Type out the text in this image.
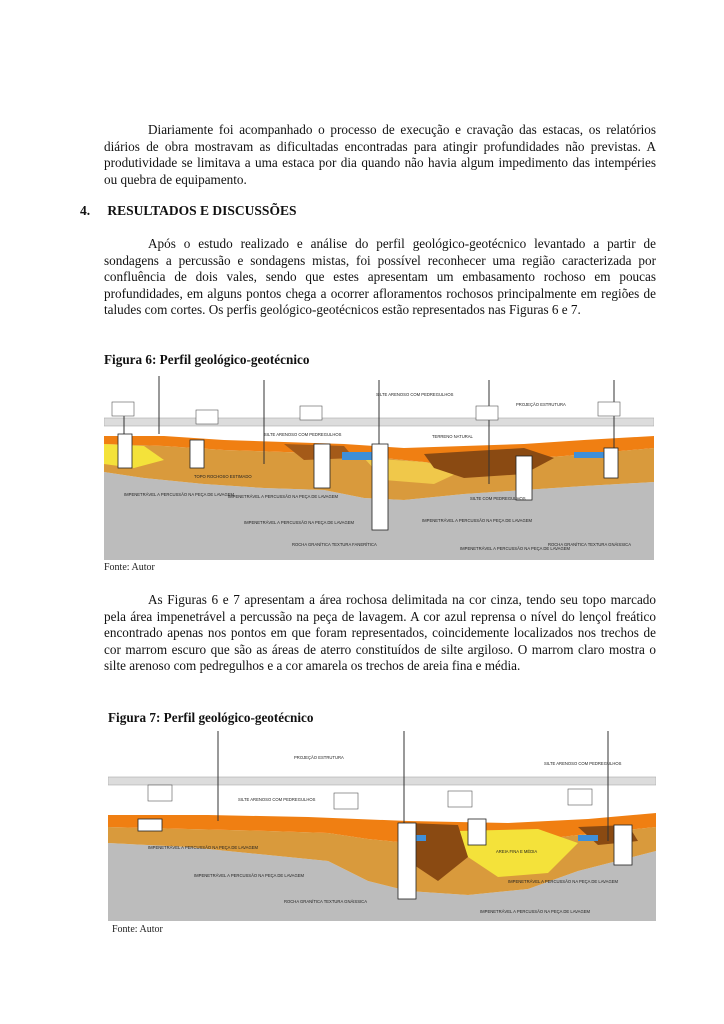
Diariamente foi acompanhado o processo de execução e cravação das estacas, os relatórios diários de obra mostravam as dificultadas encontradas para atingir profundidades não previstas. A produtividade se limitava a uma estaca por dia quando não havia algum impedimento das intempéries ou quebra de equipamento.

4. RESULTADOS E DISCUSSÕES

Após o estudo realizado e análise do perfil geológico-geotécnico levantado a partir de sondagens a percussão e sondagens mistas, foi possível reconhecer uma região caracterizada por confluência de dois vales, sendo que estes apresentam um embasamento rochoso em poucas profundidades, em alguns pontos chega a ocorrer afloramentos rochosos principalmente em regiões de taludes com cortes. Os perfis geológico-geotécnicos estão representados nas Figuras 6 e 7.

Figura 6: Perfil geológico-geotécnico
SILTE ARENOSO COM PEDREGULHOS
PROJEÇÃO ESTRUTURA
TERRENO NATURAL
TOPO ROCHOSO ESTIMADO
IMPENETRÁVEL A PERCUSSÃO NA PEÇA DE LAVAGEM
IMPENETRÁVEL A PERCUSSÃO NA PEÇA DE LAVAGEM
IMPENETRÁVEL A PERCUSSÃO NA PEÇA DE LAVAGEM	IMPENETRÁVEL A PERCUSSÃO NA PEÇA DE LAVAGEM
IMPENETRÁVEL A PERCUSSÃO NA PEÇA DE LAVAGEM
ROCHA GRANÍTICA TEXTURA FANERÍTICA	ROCHA GRANÍTICA TEXTURA GNÁISSICA
SILTE ARENOSO COM PEDREGULHOS
SILTE COM PEDREGULHOS
Fonte: Autor

As Figuras 6 e 7 apresentam a área rochosa delimitada na cor cinza, tendo seu topo marcado pela área impenetrável a percussão na peça de lavagem. A cor azul reprensa o nível do lençol freático encontrado apenas nos pontos em que foram representados, coincidemente localizados nos trechos de cor marrom escuro que são as áreas de aterro constituídos de silte argiloso. O marrom claro mostra o silte arenoso com pedregulhos e a cor amarela os trechos de areia fina e média.

Figura 7: Perfil geológico-geotécnico
PROJEÇÃO ESTRUTURA
SILTE ARENOSO COM PEDREGULHOS
SILTE ARENOSO COM PEDREGULHOS
IMPENETRÁVEL A PERCUSSÃO NA PEÇA DE LAVAGEM
IMPENETRÁVEL A PERCUSSÃO NA PEÇA DE LAVAGEM
IMPENETRÁVEL A PERCUSSÃO NA PEÇA DE LAVAGEM
IMPENETRÁVEL A PERCUSSÃO NA PEÇA DE LAVAGEM
ROCHA GRANÍTICA TEXTURA GNÁISSICA
AREIA FINA E MÉDIA
Fonte: Autor
